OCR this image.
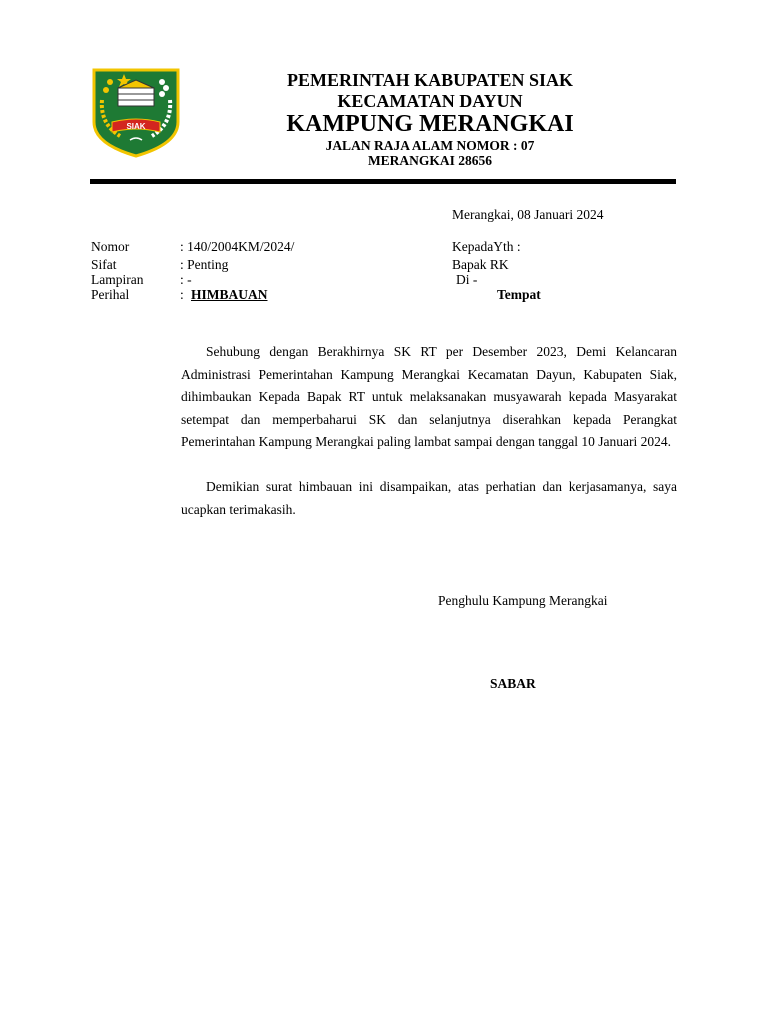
SIAK
PEMERINTAH KABUPATEN SIAK
KECAMATAN DAYUN
KAMPUNG MERANGKAI
JALAN RAJA ALAM NOMOR : 07
MERANGKAI 28656
Merangkai, 08 Januari 2024
Nomor	: 140/2004KM/2024/
Sifat	: Penting
Lampiran	: -
Perihal	: HIMBAUAN
KepadaYth :
Bapak RK
Di -
Tempat

Sehubung dengan Berakhirnya SK RT per Desember 2023, Demi Kelancaran Administrasi Pemerintahan Kampung Merangkai Kecamatan Dayun, Kabupaten Siak, dihimbaukan Kepada Bapak RT untuk melaksanakan musyawarah kepada Masyarakat setempat dan memperbaharui SK dan selanjutnya diserahkan kepada Perangkat Pemerintahan Kampung Merangkai paling lambat sampai dengan tanggal 10 Januari 2024.

Demikian surat himbauan ini disampaikan, atas perhatian dan kerjasamanya, saya ucapkan terimakasih.

Penghulu Kampung Merangkai
SABAR
